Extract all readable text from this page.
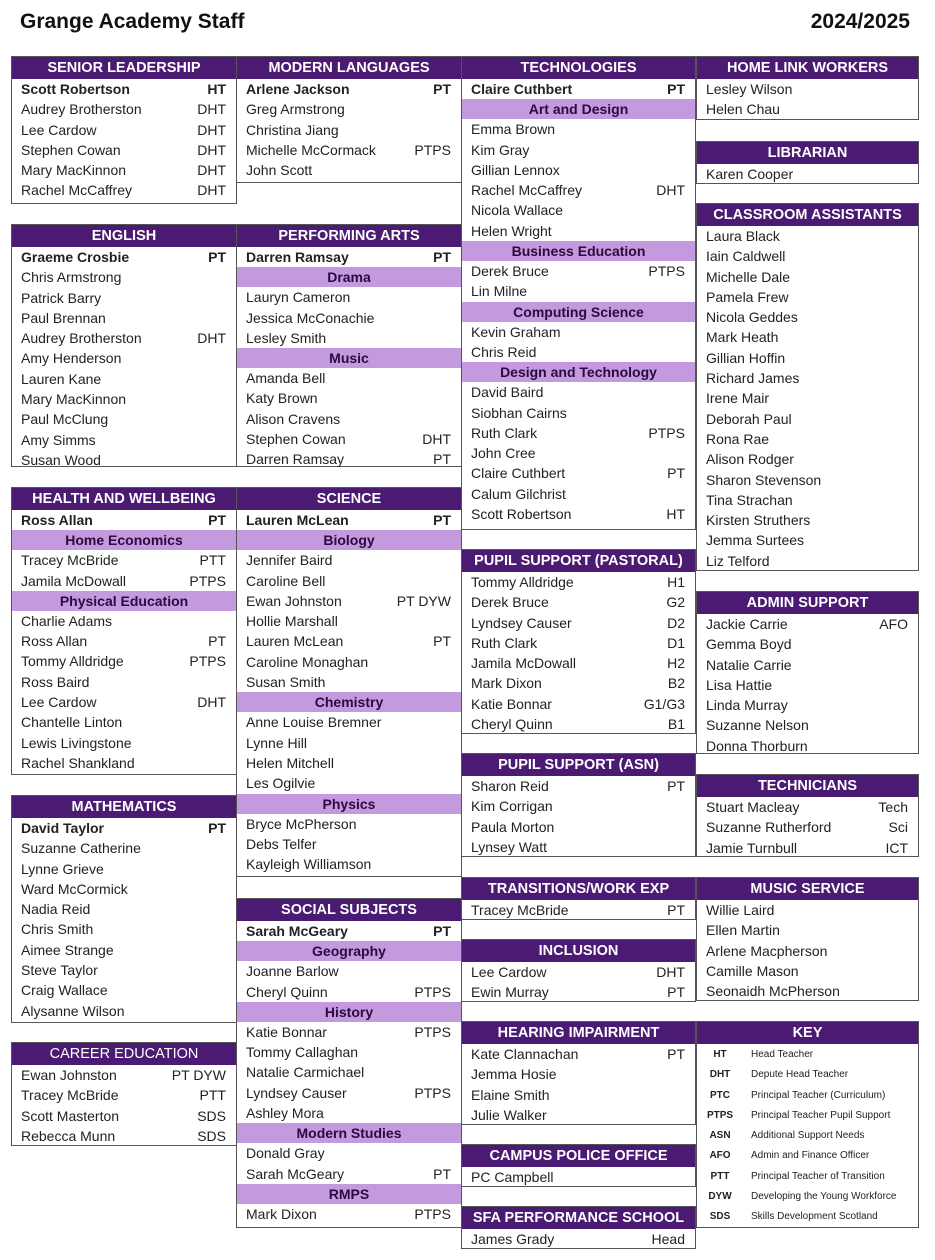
Grange Academy Staff	2024/2025
SENIOR LEADERSHIP
Scott Robertson	HT
Audrey Brotherston	DHT
Lee Cardow	DHT
Stephen Cowan	DHT
Mary MacKinnon	DHT
Rachel McCaffrey	DHT
ENGLISH
Graeme Crosbie	PT
Chris Armstrong
Patrick Barry
Paul Brennan
Audrey Brotherston	DHT
Amy Henderson
Lauren Kane
Mary MacKinnon
Paul McClung
Amy Simms
Susan Wood
HEALTH AND WELLBEING
Ross Allan	PT
Home Economics
Tracey McBride	PTT
Jamila McDowall	PTPS
Physical Education
Charlie Adams
Ross Allan	PT
Tommy Alldridge	PTPS
Ross Baird
Lee Cardow	DHT
Chantelle Linton
Lewis Livingstone
Rachel Shankland
MATHEMATICS
David Taylor	PT
Suzanne Catherine
Lynne Grieve
Ward McCormick
Nadia Reid
Chris Smith
Aimee Strange
Steve Taylor
Craig Wallace
Alysanne Wilson
CAREER EDUCATION
Ewan Johnston	PT DYW
Tracey McBride	PTT
Scott Masterton	SDS
Rebecca Munn	SDS
MODERN LANGUAGES
Arlene Jackson	PT
Greg Armstrong
Christina Jiang
Michelle McCormack	PTPS
John Scott
PERFORMING ARTS
Darren Ramsay	PT
Drama
Lauryn Cameron
Jessica McConachie
Lesley Smith
Music
Amanda Bell
Katy Brown
Alison Cravens
Stephen Cowan	DHT
Darren Ramsay	PT
SCIENCE
Lauren McLean	PT
Biology
Jennifer Baird
Caroline Bell
Ewan Johnston	PT DYW
Hollie Marshall
Lauren McLean	PT
Caroline Monaghan
Susan Smith
Chemistry
Anne Louise Bremner
Lynne Hill
Helen Mitchell
Les Ogilvie
Physics
Bryce McPherson
Debs Telfer
Kayleigh Williamson
SOCIAL SUBJECTS
Sarah McGeary	PT
Geography
Joanne Barlow
Cheryl Quinn	PTPS
History
Katie Bonnar	PTPS
Tommy Callaghan
Natalie Carmichael
Lyndsey Causer	PTPS
Ashley Mora
Modern Studies
Donald Gray
Sarah McGeary	PT
RMPS
Mark Dixon	PTPS
TECHNOLOGIES
Claire Cuthbert	PT
Art and Design
Emma Brown
Kim Gray
Gillian Lennox
Rachel McCaffrey	DHT
Nicola Wallace
Helen Wright
Business Education
Derek Bruce	PTPS
Lin Milne
Computing Science
Kevin Graham
Chris Reid
Design and Technology
David Baird
Siobhan Cairns
Ruth Clark	PTPS
John Cree
Claire Cuthbert	PT
Calum Gilchrist
Scott Robertson	HT
PUPIL SUPPORT (PASTORAL)
Tommy Alldridge	H1
Derek Bruce	G2
Lyndsey Causer	D2
Ruth Clark	D1
Jamila McDowall	H2
Mark Dixon	B2
Katie Bonnar	G1/G3
Cheryl Quinn	B1
PUPIL SUPPORT (ASN)
Sharon Reid	PT
Kim Corrigan
Paula Morton
Lynsey Watt
TRANSITIONS/WORK EXP
Tracey McBride	PT
INCLUSION
Lee Cardow	DHT
Ewin Murray	PT
HEARING IMPAIRMENT
Kate Clannachan	PT
Jemma Hosie
Elaine Smith
Julie Walker
CAMPUS POLICE OFFICE
PC Campbell
SFA PERFORMANCE SCHOOL
James Grady	Head
HOME LINK WORKERS
Lesley Wilson
Helen Chau
LIBRARIAN
Karen Cooper
CLASSROOM ASSISTANTS
Laura Black
Iain Caldwell
Michelle Dale
Pamela Frew
Nicola Geddes
Mark Heath
Gillian Hoffin
Richard James
Irene Mair
Deborah Paul
Rona Rae
Alison Rodger
Sharon Stevenson
Tina Strachan
Kirsten Struthers
Jemma Surtees
Liz Telford
ADMIN SUPPORT
Jackie Carrie	AFO
Gemma Boyd
Natalie Carrie
Lisa Hattie
Linda Murray
Suzanne Nelson
Donna Thorburn
TECHNICIANS
Stuart Macleay	Tech
Suzanne Rutherford	Sci
Jamie Turnbull	ICT
MUSIC SERVICE
Willie Laird
Ellen Martin
Arlene Macpherson
Camille Mason
Seonaidh McPherson
KEY
HT	Head Teacher
DHT	Depute Head Teacher
PTC	Principal Teacher (Curriculum)
PTPS	Principal Teacher Pupil Support
ASN	Additional Support Needs
AFO	Admin and Finance Officer
PTT	Principal Teacher of Transition
DYW	Developing the Young Workforce
SDS	Skills Development Scotland
